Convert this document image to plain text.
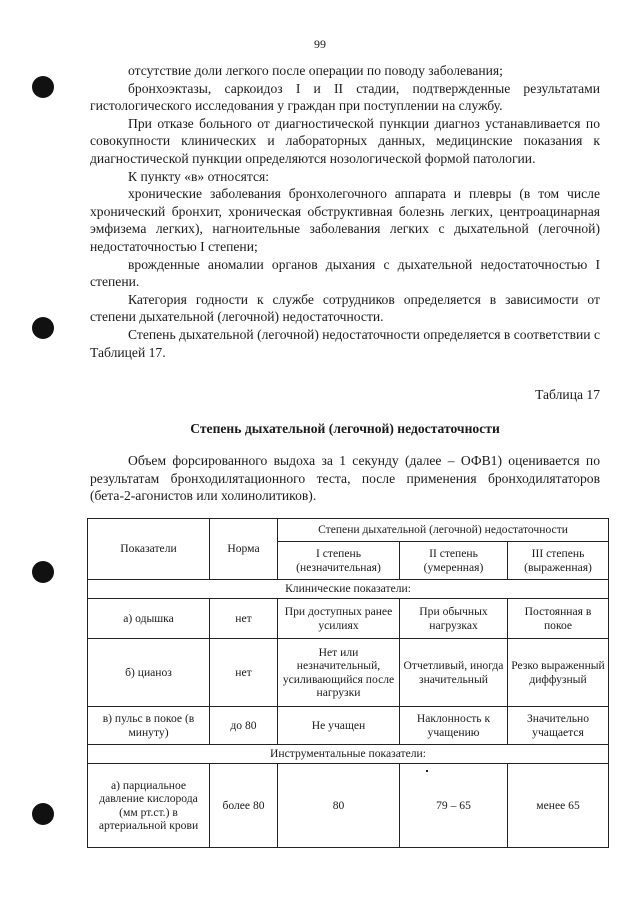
99

отсутствие доли легкого после операции по поводу заболевания;

бронхоэктазы, саркоидоз I и II стадии, подтвержденные результатами гистологического исследования у граждан при поступлении на службу.

При отказе больного от диагностической пункции диагноз устанавливается по совокупности клинических и лабораторных данных, медицинские показания к диагностической пункции определяются нозологической формой патологии.

К пункту «в» относятся:

хронические заболевания бронхолегочного аппарата и плевры (в том числе хронический бронхит, хроническая обструктивная болезнь легких, центроацинарная эмфизема легких), нагноительные заболевания легких с дыхательной (легочной) недостаточностью I степени;

врожденные аномалии органов дыхания с дыхательной недостаточностью I степени.

Категория годности к службе сотрудников определяется в зависимости от степени дыхательной (легочной) недостаточности.

Степень дыхательной (легочной) недостаточности определяется в соответствии с Таблицей 17.

Таблица 17
Степень дыхательной (легочной) недостаточности

Объем форсированного выдоха за 1 секунду (далее – ОФВ1) оценивается по результатам бронходилятационного теста, после применения бронходилятаторов (бета-2-агонистов или холинолитиков).

Показатели	Норма	Степени дыхательной (легочной) недостаточности		
		I степень (незначительная)	II степень (умеренная)	III степень (выраженная)
Клинические показатели:				
а) одышка	нет	При доступных ранее усилиях	При обычных нагрузках	Постоянная в покое
б) цианоз	нет	Нет или незначительный, усиливающийся после нагрузки	Отчетливый, иногда значительный	Резко выраженный диффузный
в) пульс в покое (в минуту)	до 80	Не учащен	Наклонность к учащению	Значительно учащается
Инструментальные показатели:				
а) парциальное давление кислорода (мм рт.ст.) в артериальной крови	более 80	80	79 – 65	менее 65
